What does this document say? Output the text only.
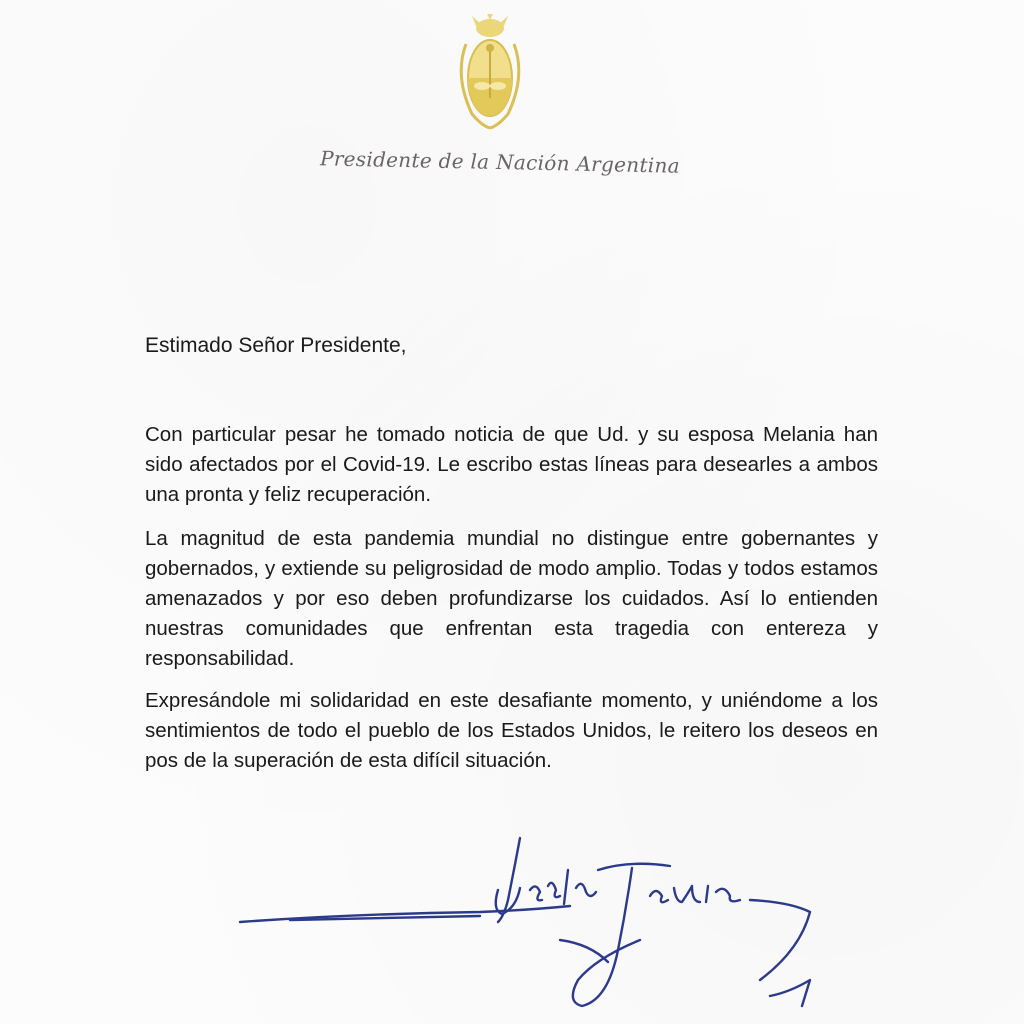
Presidente de la Nación Argentina

Estimado Señor Presidente,

Con particular pesar he tomado noticia de que Ud. y su esposa Melania han sido afectados por el Covid-19. Le escribo estas líneas para desearles a ambos una pronta y feliz recuperación.

La magnitud de esta pandemia mundial no distingue entre gobernantes y gobernados, y extiende su peligrosidad de modo amplio. Todas y todos estamos amenazados y por eso deben profundizarse los cuidados. Así lo entienden nuestras comunidades que enfrentan esta tragedia con entereza y responsabilidad.

Expresándole mi solidaridad en este desafiante momento, y uniéndome a los sentimientos de todo el pueblo de los Estados Unidos, le reitero los deseos en pos de la superación de esta difícil situación.
